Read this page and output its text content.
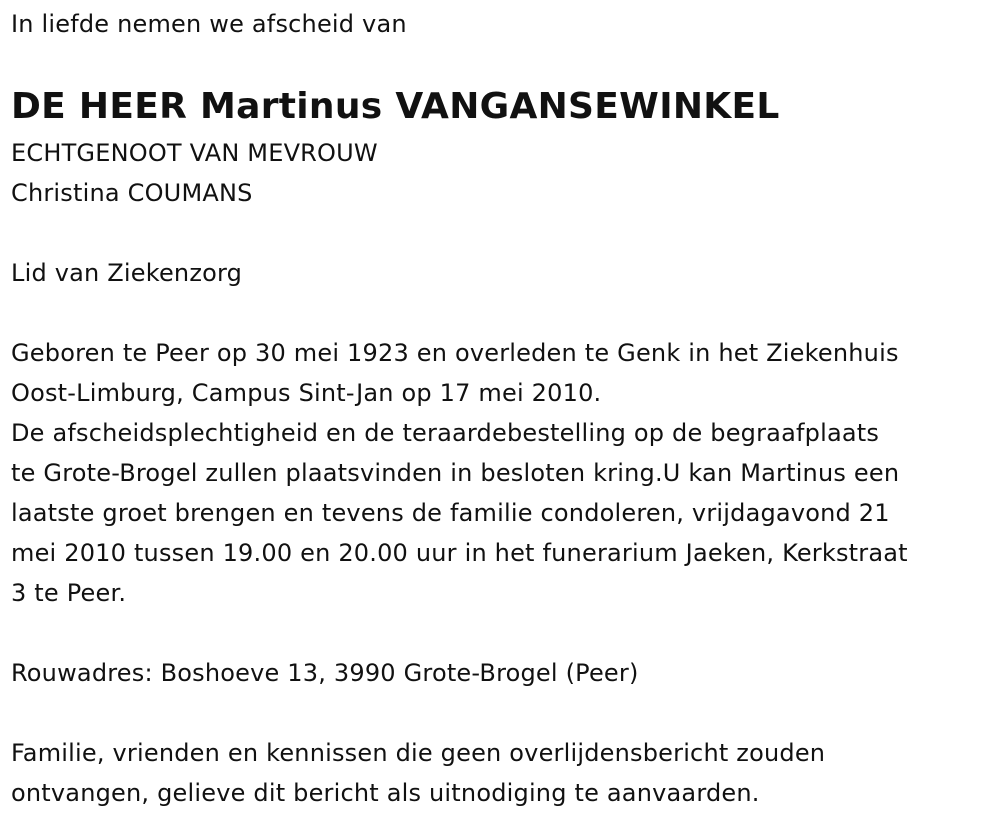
In liefde nemen we afscheid van
DE HEER Martinus VANGANSEWINKEL
ECHTGENOOT VAN MEVROUW
Christina COUMANS
Lid van Ziekenzorg
Geboren te Peer op 30 mei 1923 en overleden te Genk in het Ziekenhuis
Oost-Limburg, Campus Sint-Jan op 17 mei 2010.
De afscheidsplechtigheid en de teraardebestelling op de begraafplaats
te Grote-Brogel zullen plaatsvinden in besloten kring.U kan Martinus een
laatste groet brengen en tevens de familie condoleren, vrijdagavond 21
mei 2010 tussen 19.00 en 20.00 uur in het funerarium Jaeken, Kerkstraat
3 te Peer.
Rouwadres: Boshoeve 13, 3990 Grote-Brogel (Peer)
Familie, vrienden en kennissen die geen overlijdensbericht zouden
ontvangen, gelieve dit bericht als uitnodiging te aanvaarden.
